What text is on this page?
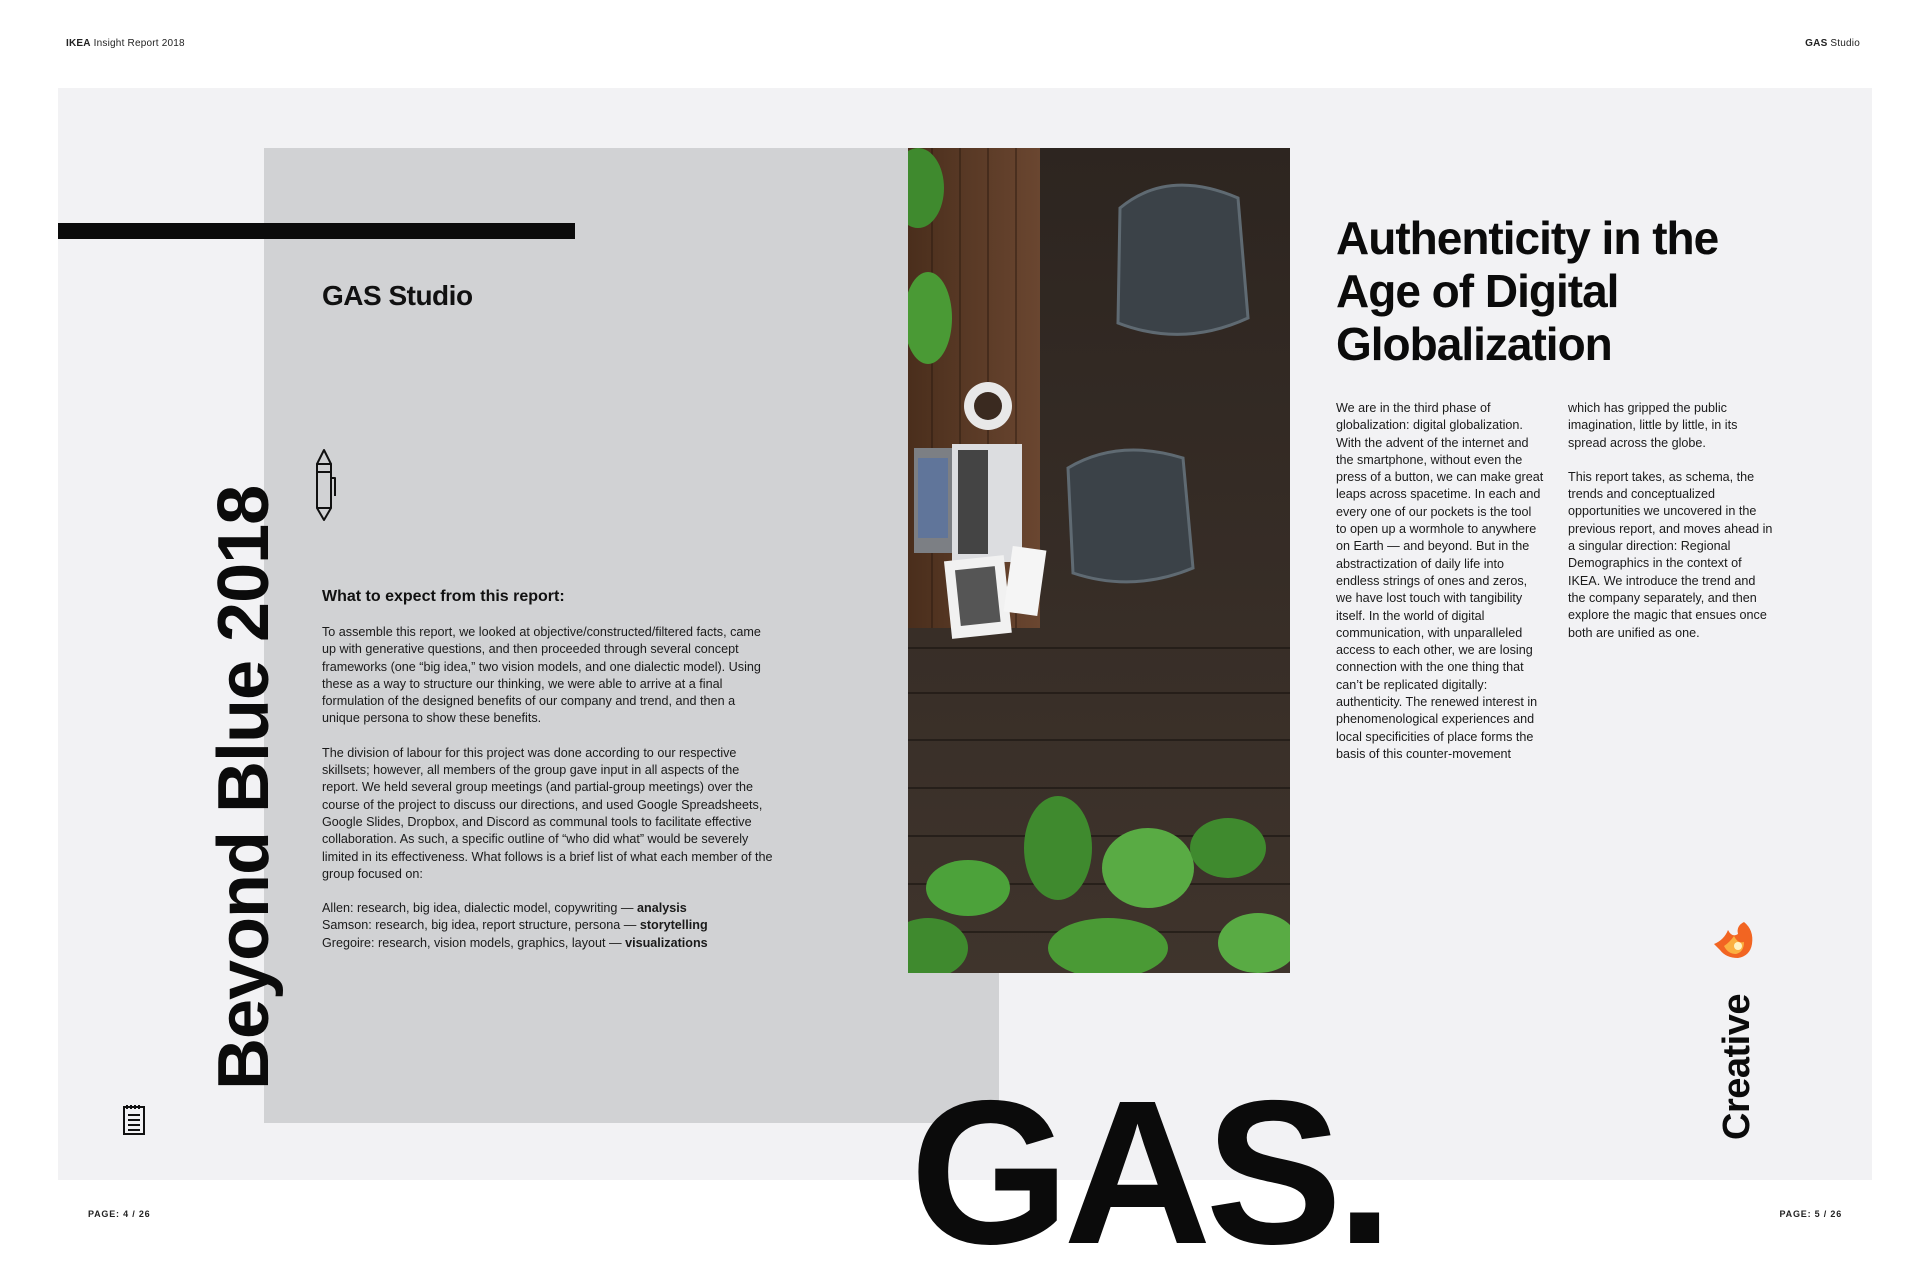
IKEA Insight Report 2018	GAS Studio
Beyond Blue 2018
GAS Studio
What to expect from this report:

To assemble this report, we looked at objective/constructed/filtered facts, came up with generative questions, and then proceeded through several concept frameworks (one “big idea,” two vision models, and one dialectic model). Using these as a way to structure our thinking, we were able to arrive at a final formulation of the designed benefits of our company and trend, and then a unique persona to show these benefits.

The division of labour for this project was done according to our respective skillsets; however, all members of the group gave input in all aspects of the report. We held several group meetings (and partial-group meetings) over the course of the project to discuss our directions, and used Google Spreadsheets, Google Slides, Dropbox, and Discord as communal tools to facilitate effective collaboration. As such, a specific outline of “who did what” would be severely limited in its effectiveness. What follows is a brief list of what each member of the group focused on:

Allen: research, big idea, dialectic model, copywriting — analysis
Samson: research, big idea, report structure, persona — storytelling
Gregoire: research, vision models, graphics, layout — visualizations
Authenticity in the Age of Digital Globalization

We are in the third phase of globalization: digital globalization. With the advent of the internet and the smartphone, without even the press of a button, we can make great leaps across spacetime. In each and every one of our pockets is the tool to open up a wormhole to anywhere on Earth — and beyond. But in the abstractization of daily life into endless strings of ones and zeros, we have lost touch with tangibility itself. In the world of digital communication, with unparalleled access to each other, we are losing connection with the one thing that can’t be replicated digitally: authenticity. The renewed interest in phenomenological experiences and local specificities of place forms the basis of this counter-movement

which has gripped the public imagination, little by little, in its spread across the globe.

This report takes, as schema, the trends and conceptualized opportunities we uncovered in the previous report, and moves ahead in a singular direction: Regional Demographics in the context of IKEA. We introduce the trend and the company separately, and then explore the magic that ensues once both are unified as one.

Creative
GAS.
PAGE: 4 / 26	PAGE: 5 / 26
